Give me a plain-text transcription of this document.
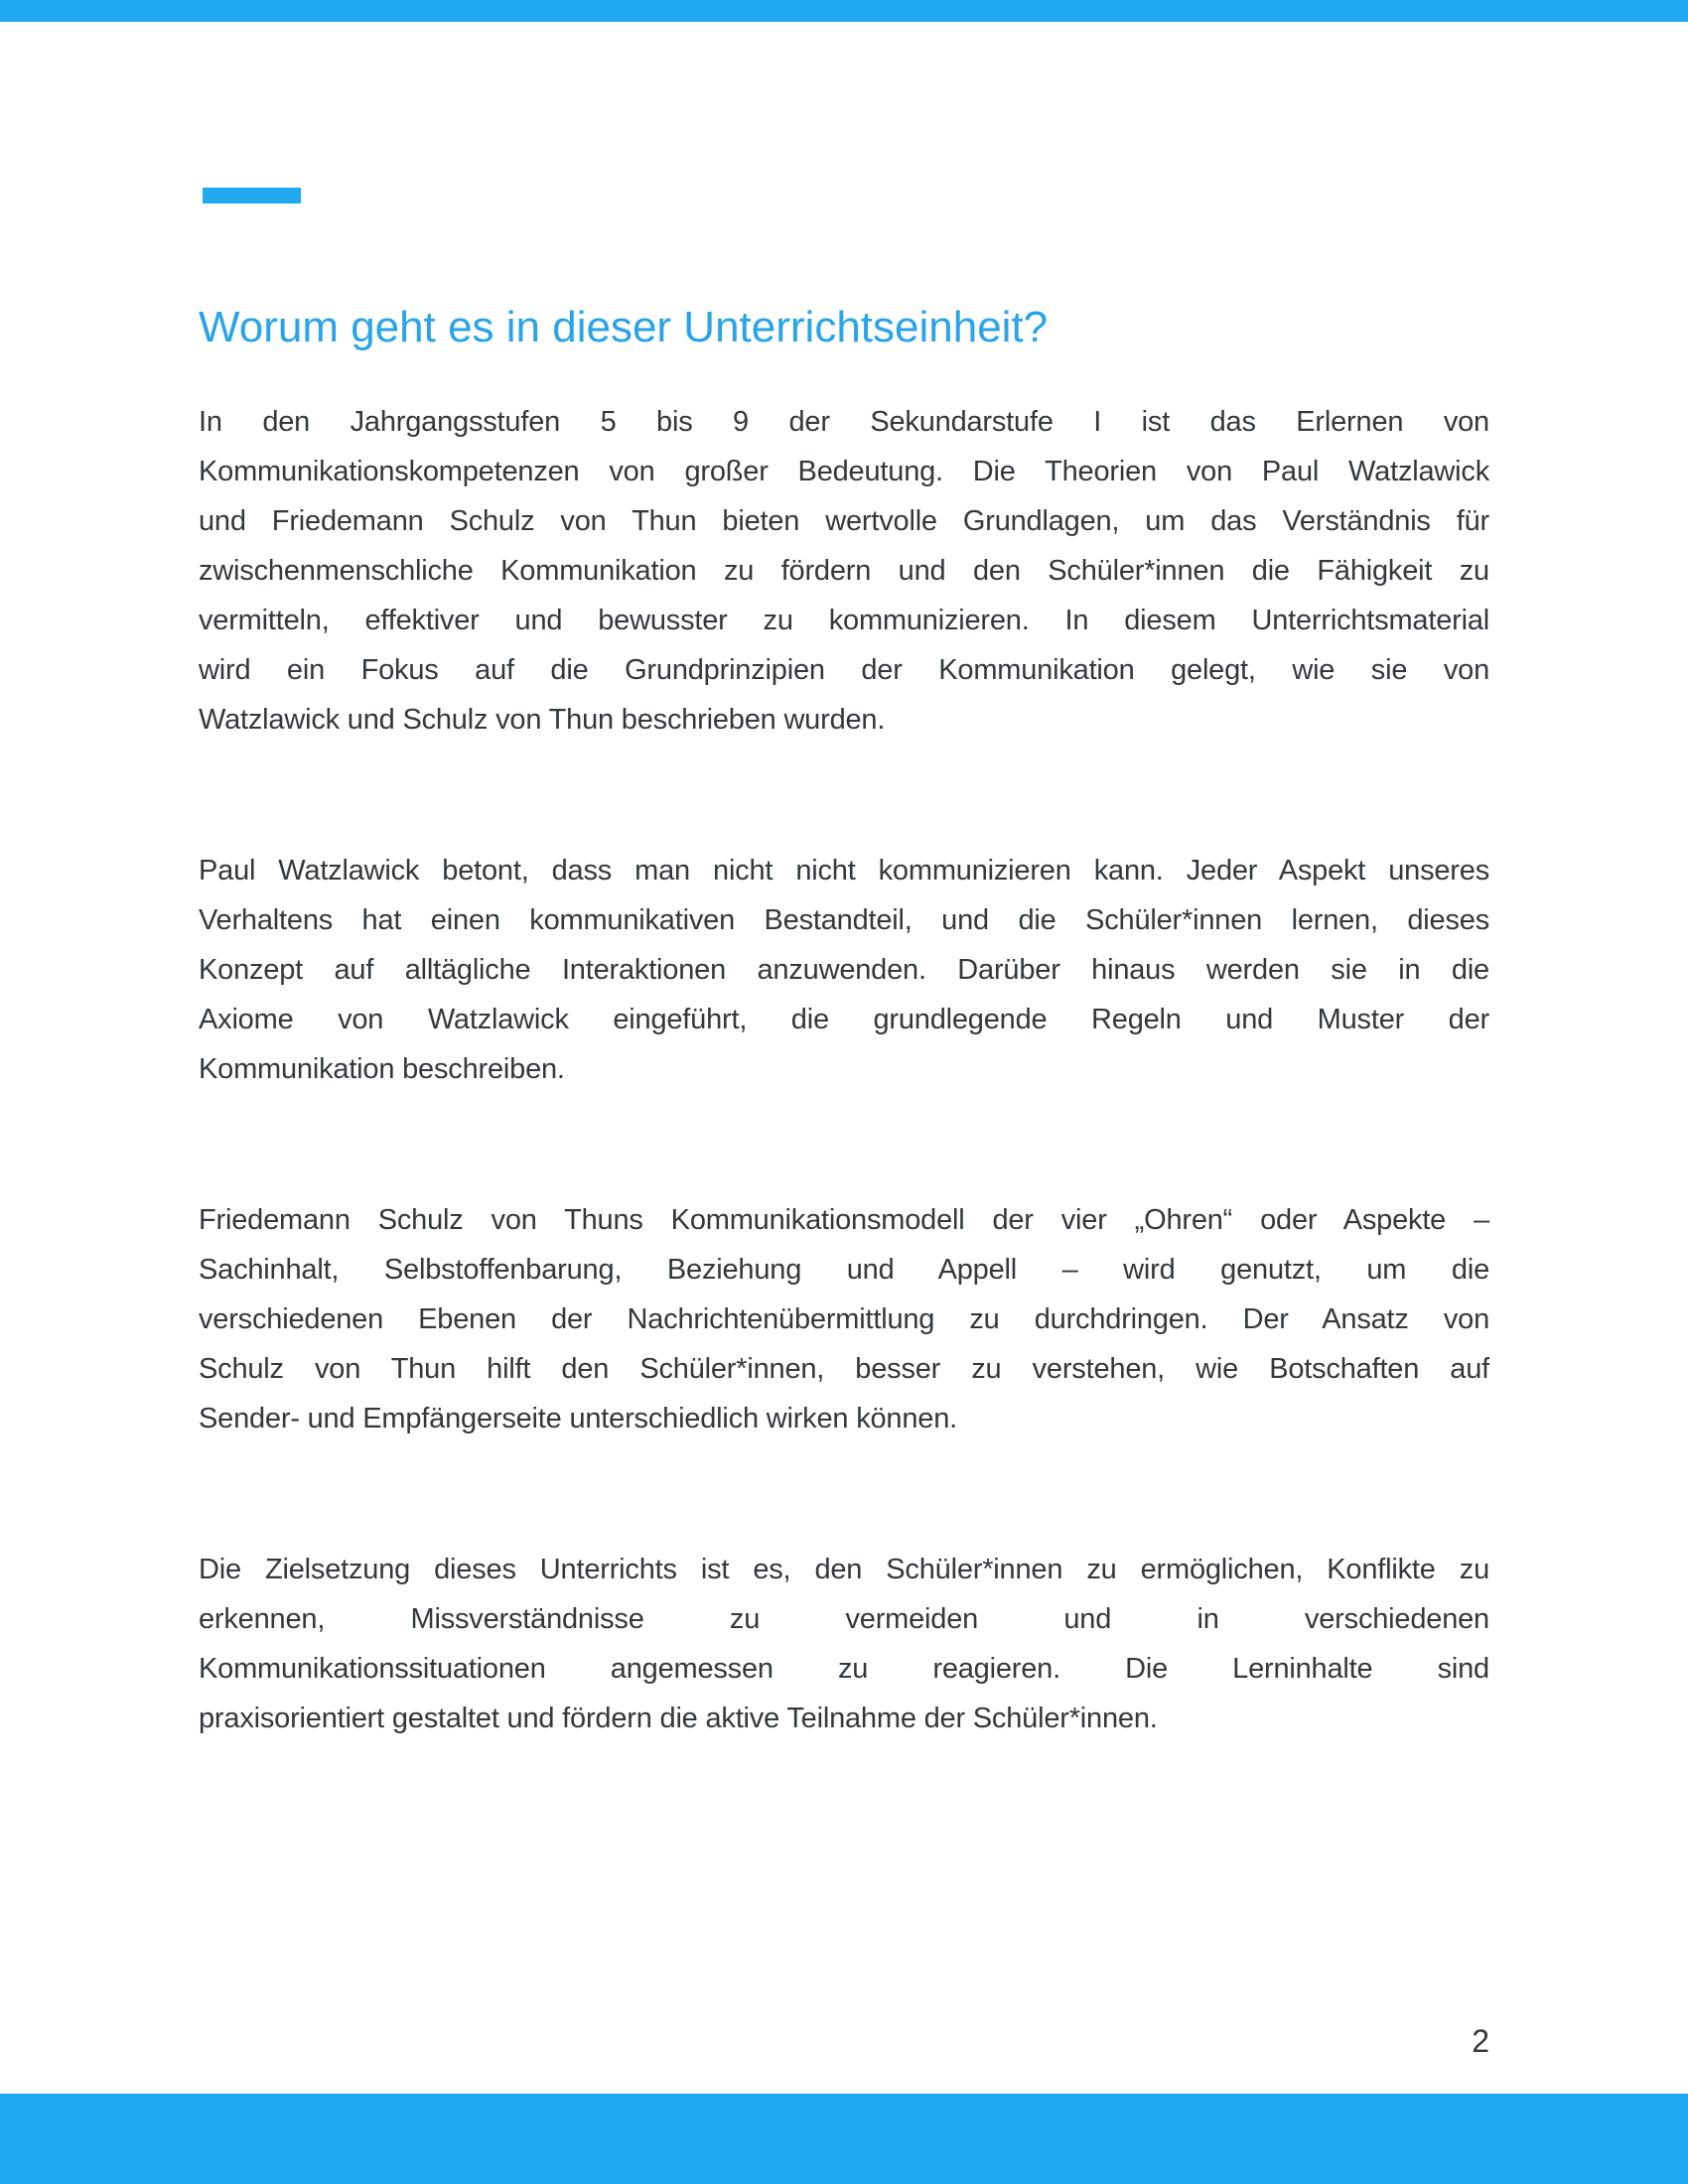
Worum geht es in dieser Unterrichtseinheit?

In den Jahrgangsstufen 5 bis 9 der Sekundarstufe I ist das Erlernen von
Kommunikationskompetenzen von großer Bedeutung. Die Theorien von Paul Watzlawick
und Friedemann Schulz von Thun bieten wertvolle Grundlagen, um das Verständnis für
zwischenmenschliche Kommunikation zu fördern und den Schüler*innen die Fähigkeit zu
vermitteln, effektiver und bewusster zu kommunizieren. In diesem Unterrichtsmaterial
wird ein Fokus auf die Grundprinzipien der Kommunikation gelegt, wie sie von
Watzlawick und Schulz von Thun beschrieben wurden.

Paul Watzlawick betont, dass man nicht nicht kommunizieren kann. Jeder Aspekt unseres
Verhaltens hat einen kommunikativen Bestandteil, und die Schüler*innen lernen, dieses
Konzept auf alltägliche Interaktionen anzuwenden. Darüber hinaus werden sie in die
Axiome von Watzlawick eingeführt, die grundlegende Regeln und Muster der
Kommunikation beschreiben.

Friedemann Schulz von Thuns Kommunikationsmodell der vier „Ohren“ oder Aspekte –
Sachinhalt, Selbstoffenbarung, Beziehung und Appell – wird genutzt, um die
verschiedenen Ebenen der Nachrichtenübermittlung zu durchdringen. Der Ansatz von
Schulz von Thun hilft den Schüler*innen, besser zu verstehen, wie Botschaften auf
Sender- und Empfängerseite unterschiedlich wirken können.

Die Zielsetzung dieses Unterrichts ist es, den Schüler*innen zu ermöglichen, Konflikte zu
erkennen, Missverständnisse zu vermeiden und in verschiedenen
Kommunikationssituationen angemessen zu reagieren. Die Lerninhalte sind
praxisorientiert gestaltet und fördern die aktive Teilnahme der Schüler*innen.

2
